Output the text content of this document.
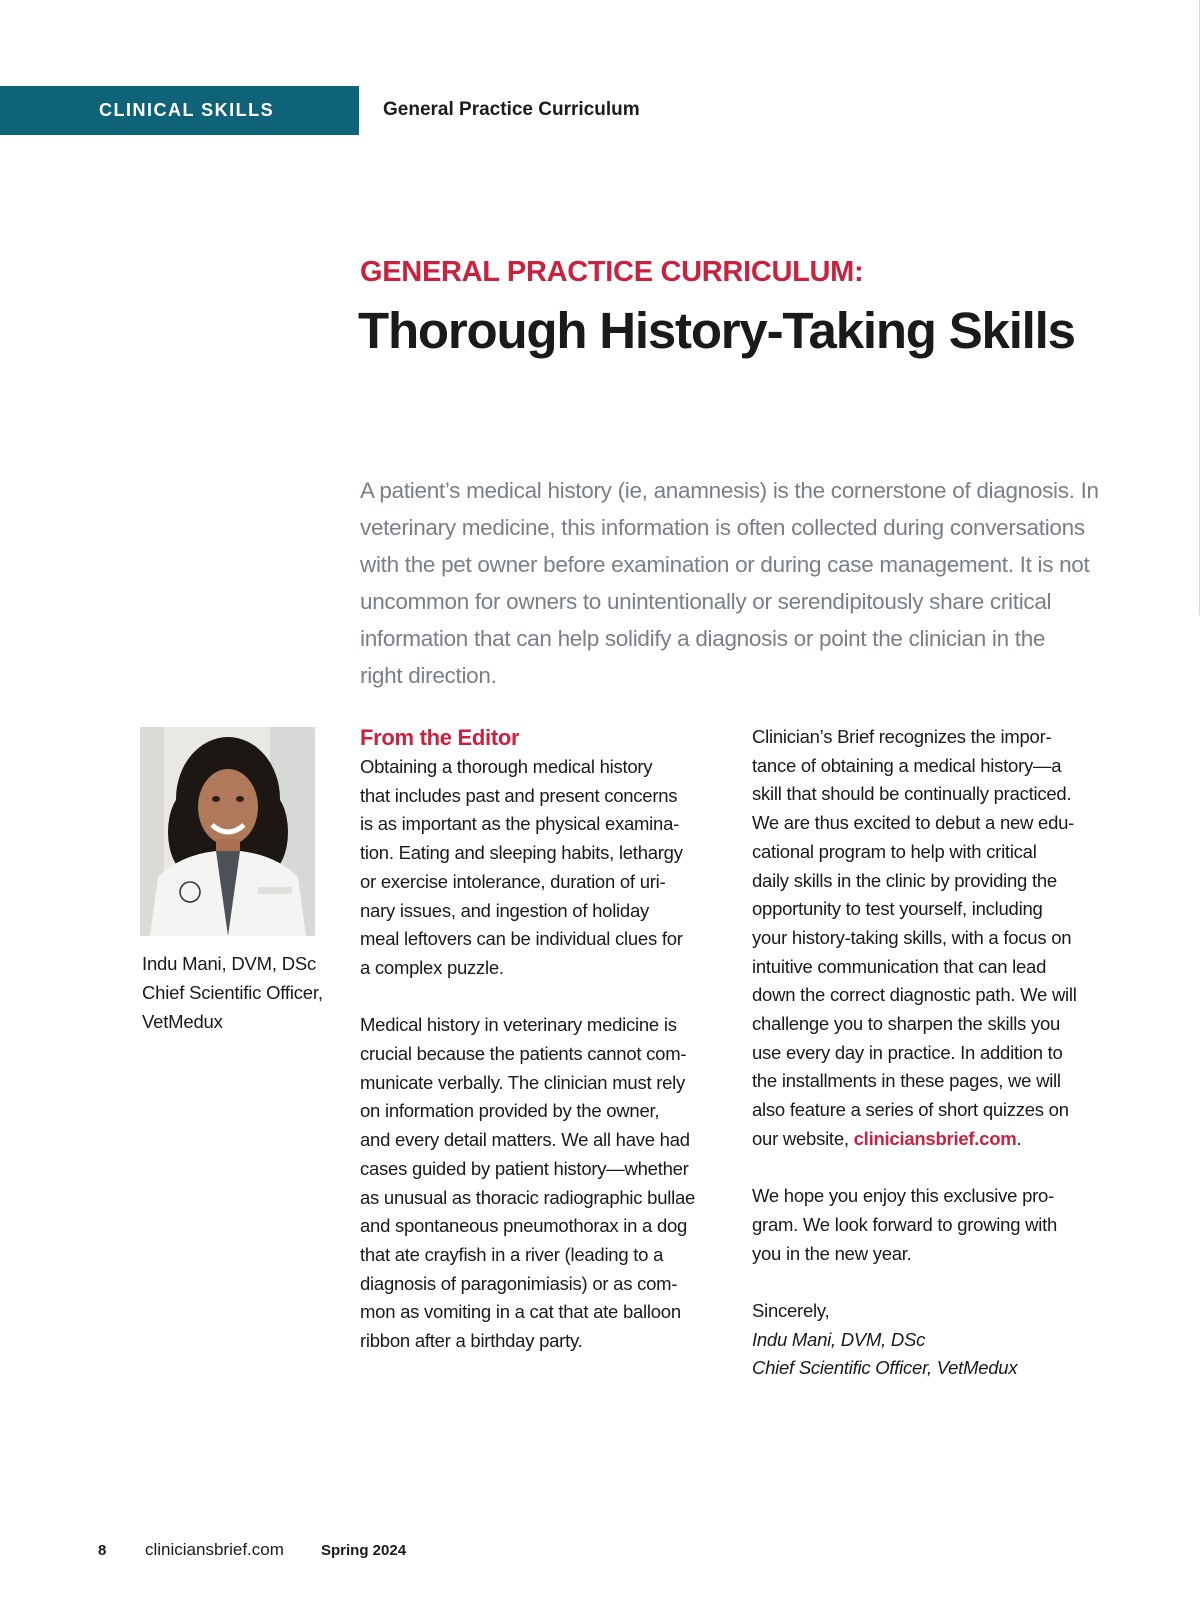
CLINICAL SKILLS	General Practice Curriculum
GENERAL PRACTICE CURRICULUM:
Thorough History-Taking Skills

A patient’s medical history (ie, anamnesis) is the cornerstone of diagnosis. In
veterinary medicine, this information is often collected during conversations
with the pet owner before examination or during case management. It is not
uncommon for owners to unintentionally or serendipitously share critical
information that can help solidify a diagnosis or point the clinician in the
right direction.

Indu Mani, DVM, DSc
Chief Scientific Officer,
VetMedux
From the Editor
Obtaining a thorough medical history
that includes past and present concerns
is as important as the physical examina-
tion. Eating and sleeping habits, lethargy
or exercise intolerance, duration of uri-
nary issues, and ingestion of holiday
meal leftovers can be individual clues for
a complex puzzle.
Medical history in veterinary medicine is
crucial because the patients cannot com-
municate verbally. The clinician must rely
on information provided by the owner,
and every detail matters. We all have had
cases guided by patient history—whether
as unusual as thoracic radiographic bullae
and spontaneous pneumothorax in a dog
that ate crayfish in a river (leading to a
diagnosis of paragonimiasis) or as com-
mon as vomiting in a cat that ate balloon
ribbon after a birthday party.
Clinician’s Brief recognizes the impor-
tance of obtaining a medical history—a
skill that should be continually practiced.
We are thus excited to debut a new edu-
cational program to help with critical
daily skills in the clinic by providing the
opportunity to test yourself, including
your history-taking skills, with a focus on
intuitive communication that can lead
down the correct diagnostic path. We will
challenge you to sharpen the skills you
use every day in practice. In addition to
the installments in these pages, we will
also feature a series of short quizzes on
our website, cliniciansbrief.com.
We hope you enjoy this exclusive pro-
gram. We look forward to growing with
you in the new year.
Sincerely,
Indu Mani, DVM, DSc
Chief Scientific Officer, VetMedux
8 cliniciansbrief.com Spring 2024
